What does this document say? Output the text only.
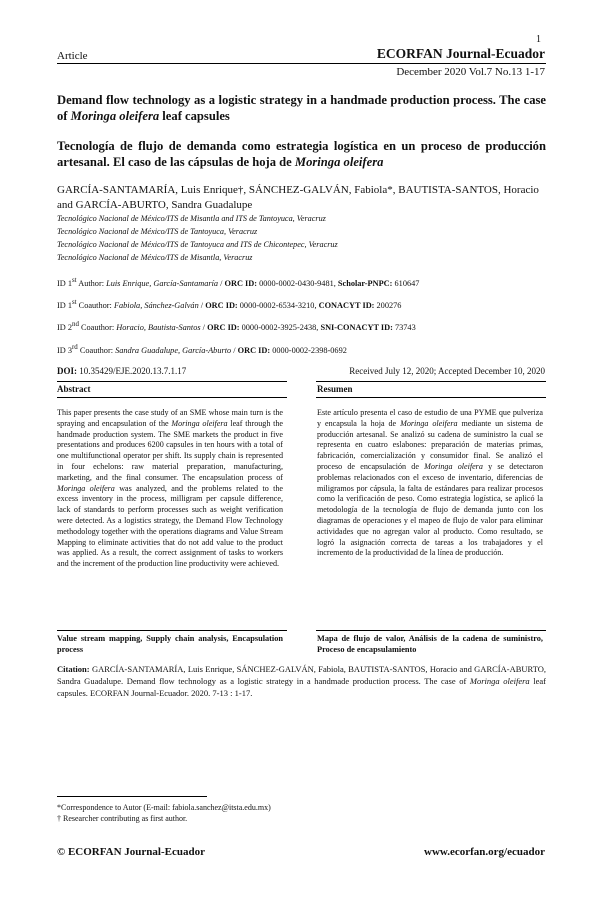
1
Article	ECORFAN Journal-Ecuador
December 2020 Vol.7 No.13 1-17
Demand flow technology as a logistic strategy in a handmade production process. The case of Moringa oleifera leaf capsules
Tecnología de flujo de demanda como estrategia logística en un proceso de producción artesanal. El caso de las cápsulas de hoja de Moringa oleifera
GARCÍA-SANTAMARÍA, Luis Enrique†, SÁNCHEZ-GALVÁN, Fabiola*, BAUTISTA-SANTOS, Horacio and GARCÍA-ABURTO, Sandra Guadalupe
Tecnológico Nacional de México/ITS de Misantla and ITS de Tantoyuca, Veracruz
Tecnológico Nacional de México/ITS de Tantoyuca, Veracruz
Tecnológico Nacional de México/ITS de Tantoyuca and ITS de Chicontepec, Veracruz
Tecnológico Nacional de México/ITS de Misantla, Veracruz
ID 1st Author: Luis Enrique, García-Santamaría / ORC ID: 0000-0002-0430-9481, Scholar-PNPC: 610647
ID 1st Coauthor: Fabiola, Sánchez-Galván / ORC ID: 0000-0002-6534-3210, CONACYT ID: 200276
ID 2nd Coauthor: Horacio, Bautista-Santos / ORC ID: 0000-0002-3925-2438, SNI-CONACYT ID: 73743
ID 3rd Coauthor: Sandra Guadalupe, García-Aburto / ORC ID: 0000-0002-2398-0692
DOI: 10.35429/EJE.2020.13.7.1.17	Received July 12, 2020; Accepted December 10, 2020
Abstract
This paper presents the case study of an SME whose main turn is the spraying and encapsulation of the Moringa oleifera leaf through the handmade production system. The SME markets the product in five presentations and produces 6200 capsules in ten hours with a total of one multifunctional operator per shift. Its supply chain is represented in four echelons: raw material preparation, manufacturing, marketing, and the final consumer. The encapsulation process of Moringa oleifera was analyzed, and the problems related to the excess inventory in the process, milligram per capsule difference, lack of standards to perform processes such as weight verification were detected. As a logistics strategy, the Demand Flow Technology methodology together with the operations diagrams and Value Stream Mapping to eliminate activities that do not add value to the product was applied. As a result, the correct assignment of tasks to workers and the increment of the production line productivity were achieved.
Value stream mapping, Supply chain analysis, Encapsulation process
Resumen
Este artículo presenta el caso de estudio de una PYME que pulveriza y encapsula la hoja de Moringa oleifera mediante un sistema de producción artesanal. Se analizó su cadena de suministro la cual se representa en cuatro eslabones: preparación de materias primas, fabricación, comercialización y consumidor final. Se analizó el proceso de encapsulación de Moringa oleifera y se detectaron problemas relacionados con el exceso de inventario, diferencias de miligramos por cápsula, la falta de estándares para realizar procesos como la verificación de peso. Como estrategia logística, se aplicó la metodología de la tecnología de flujo de demanda junto con los diagramas de operaciones y el mapeo de flujo de valor para eliminar actividades que no agregan valor al producto. Como resultado, se logró la asignación correcta de tareas a los trabajadores y el incremento de la productividad de la línea de producción.
Mapa de flujo de valor, Análisis de la cadena de suministro, Proceso de encapsulamiento
Citation: GARCÍA-SANTAMARÍA, Luis Enrique, SÁNCHEZ-GALVÁN, Fabiola, BAUTISTA-SANTOS, Horacio and GARCÍA-ABURTO, Sandra Guadalupe. Demand flow technology as a logistic strategy in a handmade production process. The case of Moringa oleifera leaf capsules. ECORFAN Journal-Ecuador. 2020. 7-13 : 1-17.
*Correspondence to Autor (E-mail: fabiola.sanchez@itsta.edu.mx)
† Researcher contributing as first author.
© ECORFAN Journal-Ecuador	www.ecorfan.org/ecuador
